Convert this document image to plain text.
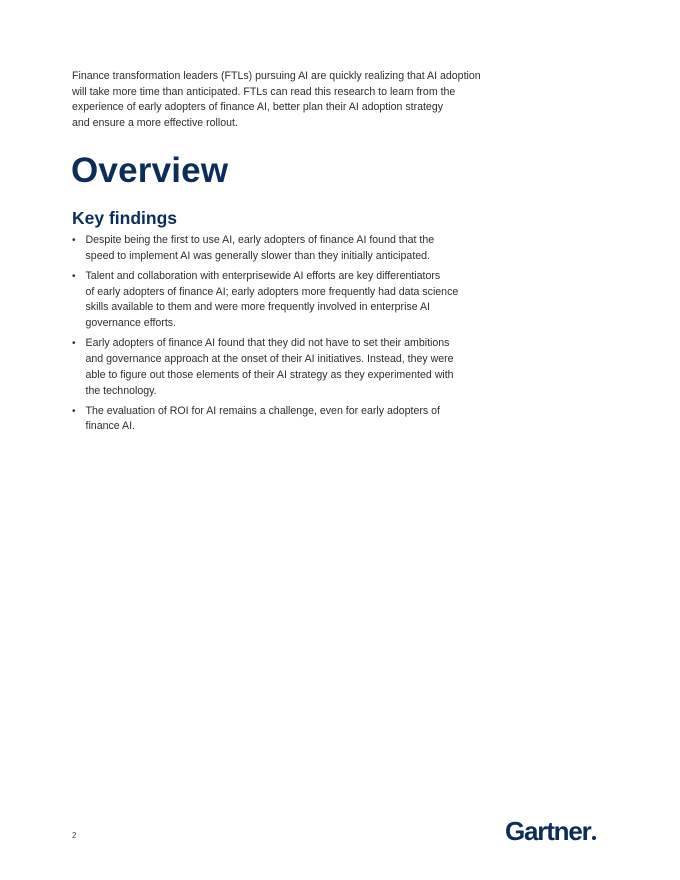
Finance transformation leaders (FTLs) pursuing AI are quickly realizing that AI adoption
will take more time than anticipated. FTLs can read this research to learn from the
experience of early adopters of finance AI, better plan their AI adoption strategy
and ensure a more effective rollout.

Overview
Key findings
• Despite being the first to use AI, early adopters of finance AI found that the
speed to implement AI was generally slower than they initially anticipated.
• Talent and collaboration with enterprisewide AI efforts are key differentiators
of early adopters of finance AI; early adopters more frequently had data science
skills available to them and were more frequently involved in enterprise AI
governance efforts.
• Early adopters of finance AI found that they did not have to set their ambitions
and governance approach at the onset of their AI initiatives. Instead, they were
able to figure out those elements of their AI strategy as they experimented with
the technology.
• The evaluation of ROI for AI remains a challenge, even for early adopters of
finance AI.
2	Gartner
